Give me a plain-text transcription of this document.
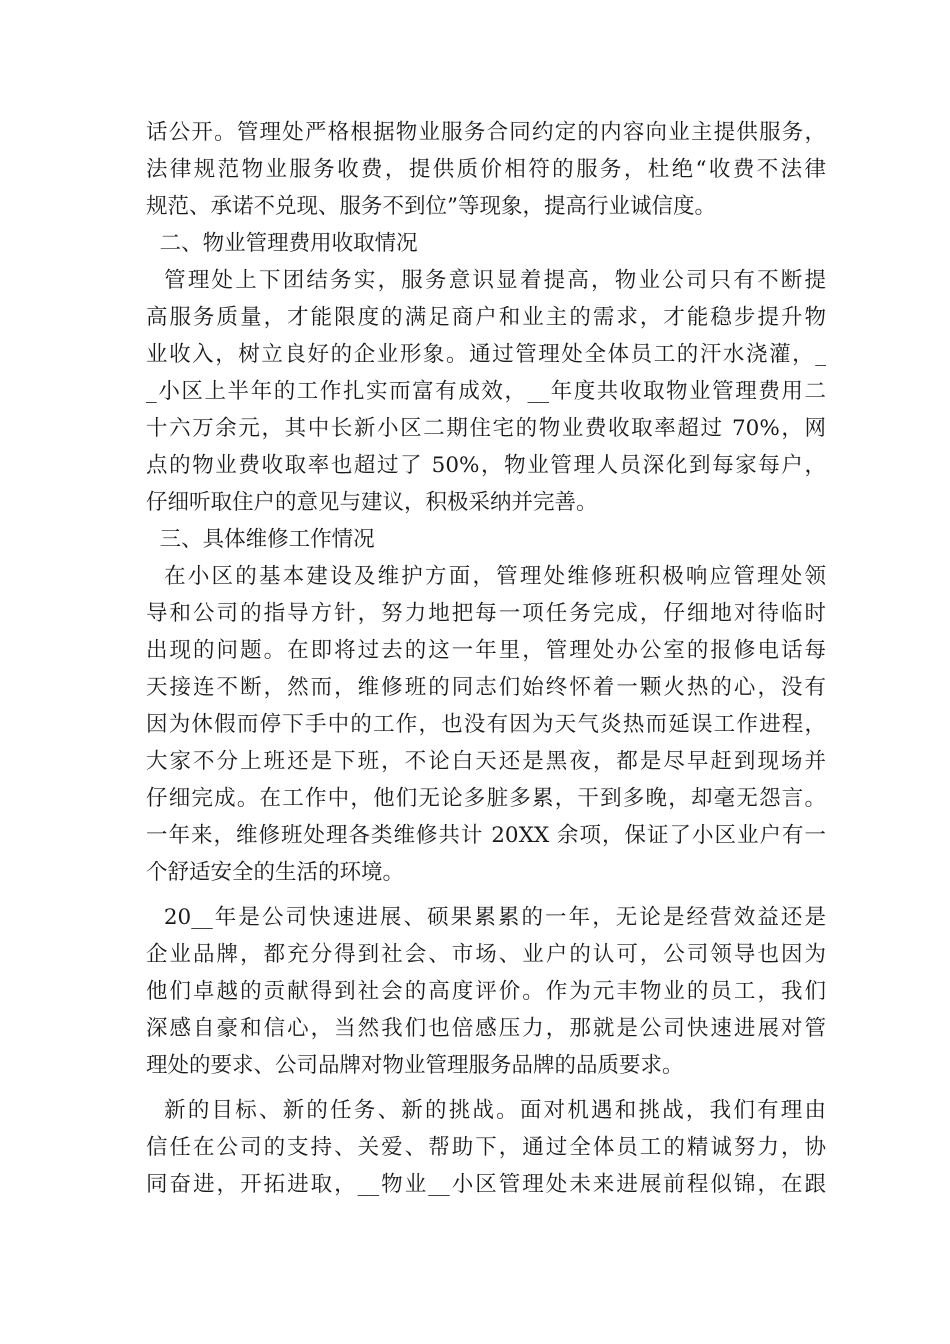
话公开。管理处严格根据物业服务合同约定的内容向业主提供服务，
法律规范物业服务收费，提供质价相符的服务，杜绝“收费不法律
规范、承诺不兑现、服务不到位”等现象，提高行业诚信度。
二、物业管理费用收取情况
管理处上下团结务实，服务意识显着提高，物业公司只有不断提
高服务质量，才能限度的满足商户和业主的需求，才能稳步提升物
业收入，树立良好的企业形象。通过管理处全体员工的汗水浇灌，_
_小区上半年的工作扎实而富有成效，__年度共收取物业管理费用二
十六万余元，其中长新小区二期住宅的物业费收取率超过 70%，网
点的物业费收取率也超过了 50%，物业管理人员深化到每家每户，
仔细听取住户的意见与建议，积极采纳并完善。
三、具体维修工作情况
在小区的基本建设及维护方面，管理处维修班积极响应管理处领
导和公司的指导方针，努力地把每一项任务完成，仔细地对待临时
出现的问题。在即将过去的这一年里，管理处办公室的报修电话每
天接连不断，然而，维修班的同志们始终怀着一颗火热的心，没有
因为休假而停下手中的工作，也没有因为天气炎热而延误工作进程，
大家不分上班还是下班，不论白天还是黑夜，都是尽早赶到现场并
仔细完成。在工作中，他们无论多脏多累，干到多晚，却毫无怨言。
一年来，维修班处理各类维修共计 20XX 余项，保证了小区业户有一
个舒适安全的生活的环境。
20__年是公司快速进展、硕果累累的一年，无论是经营效益还是
企业品牌，都充分得到社会、市场、业户的认可，公司领导也因为
他们卓越的贡献得到社会的高度评价。作为元丰物业的员工，我们
深感自豪和信心，当然我们也倍感压力，那就是公司快速进展对管
理处的要求、公司品牌对物业管理服务品牌的品质要求。
新的目标、新的任务、新的挑战。面对机遇和挑战，我们有理由
信任在公司的支持、关爱、帮助下，通过全体员工的精诚努力，协
同奋进，开拓进取，__物业__小区管理处未来进展前程似锦，在跟
